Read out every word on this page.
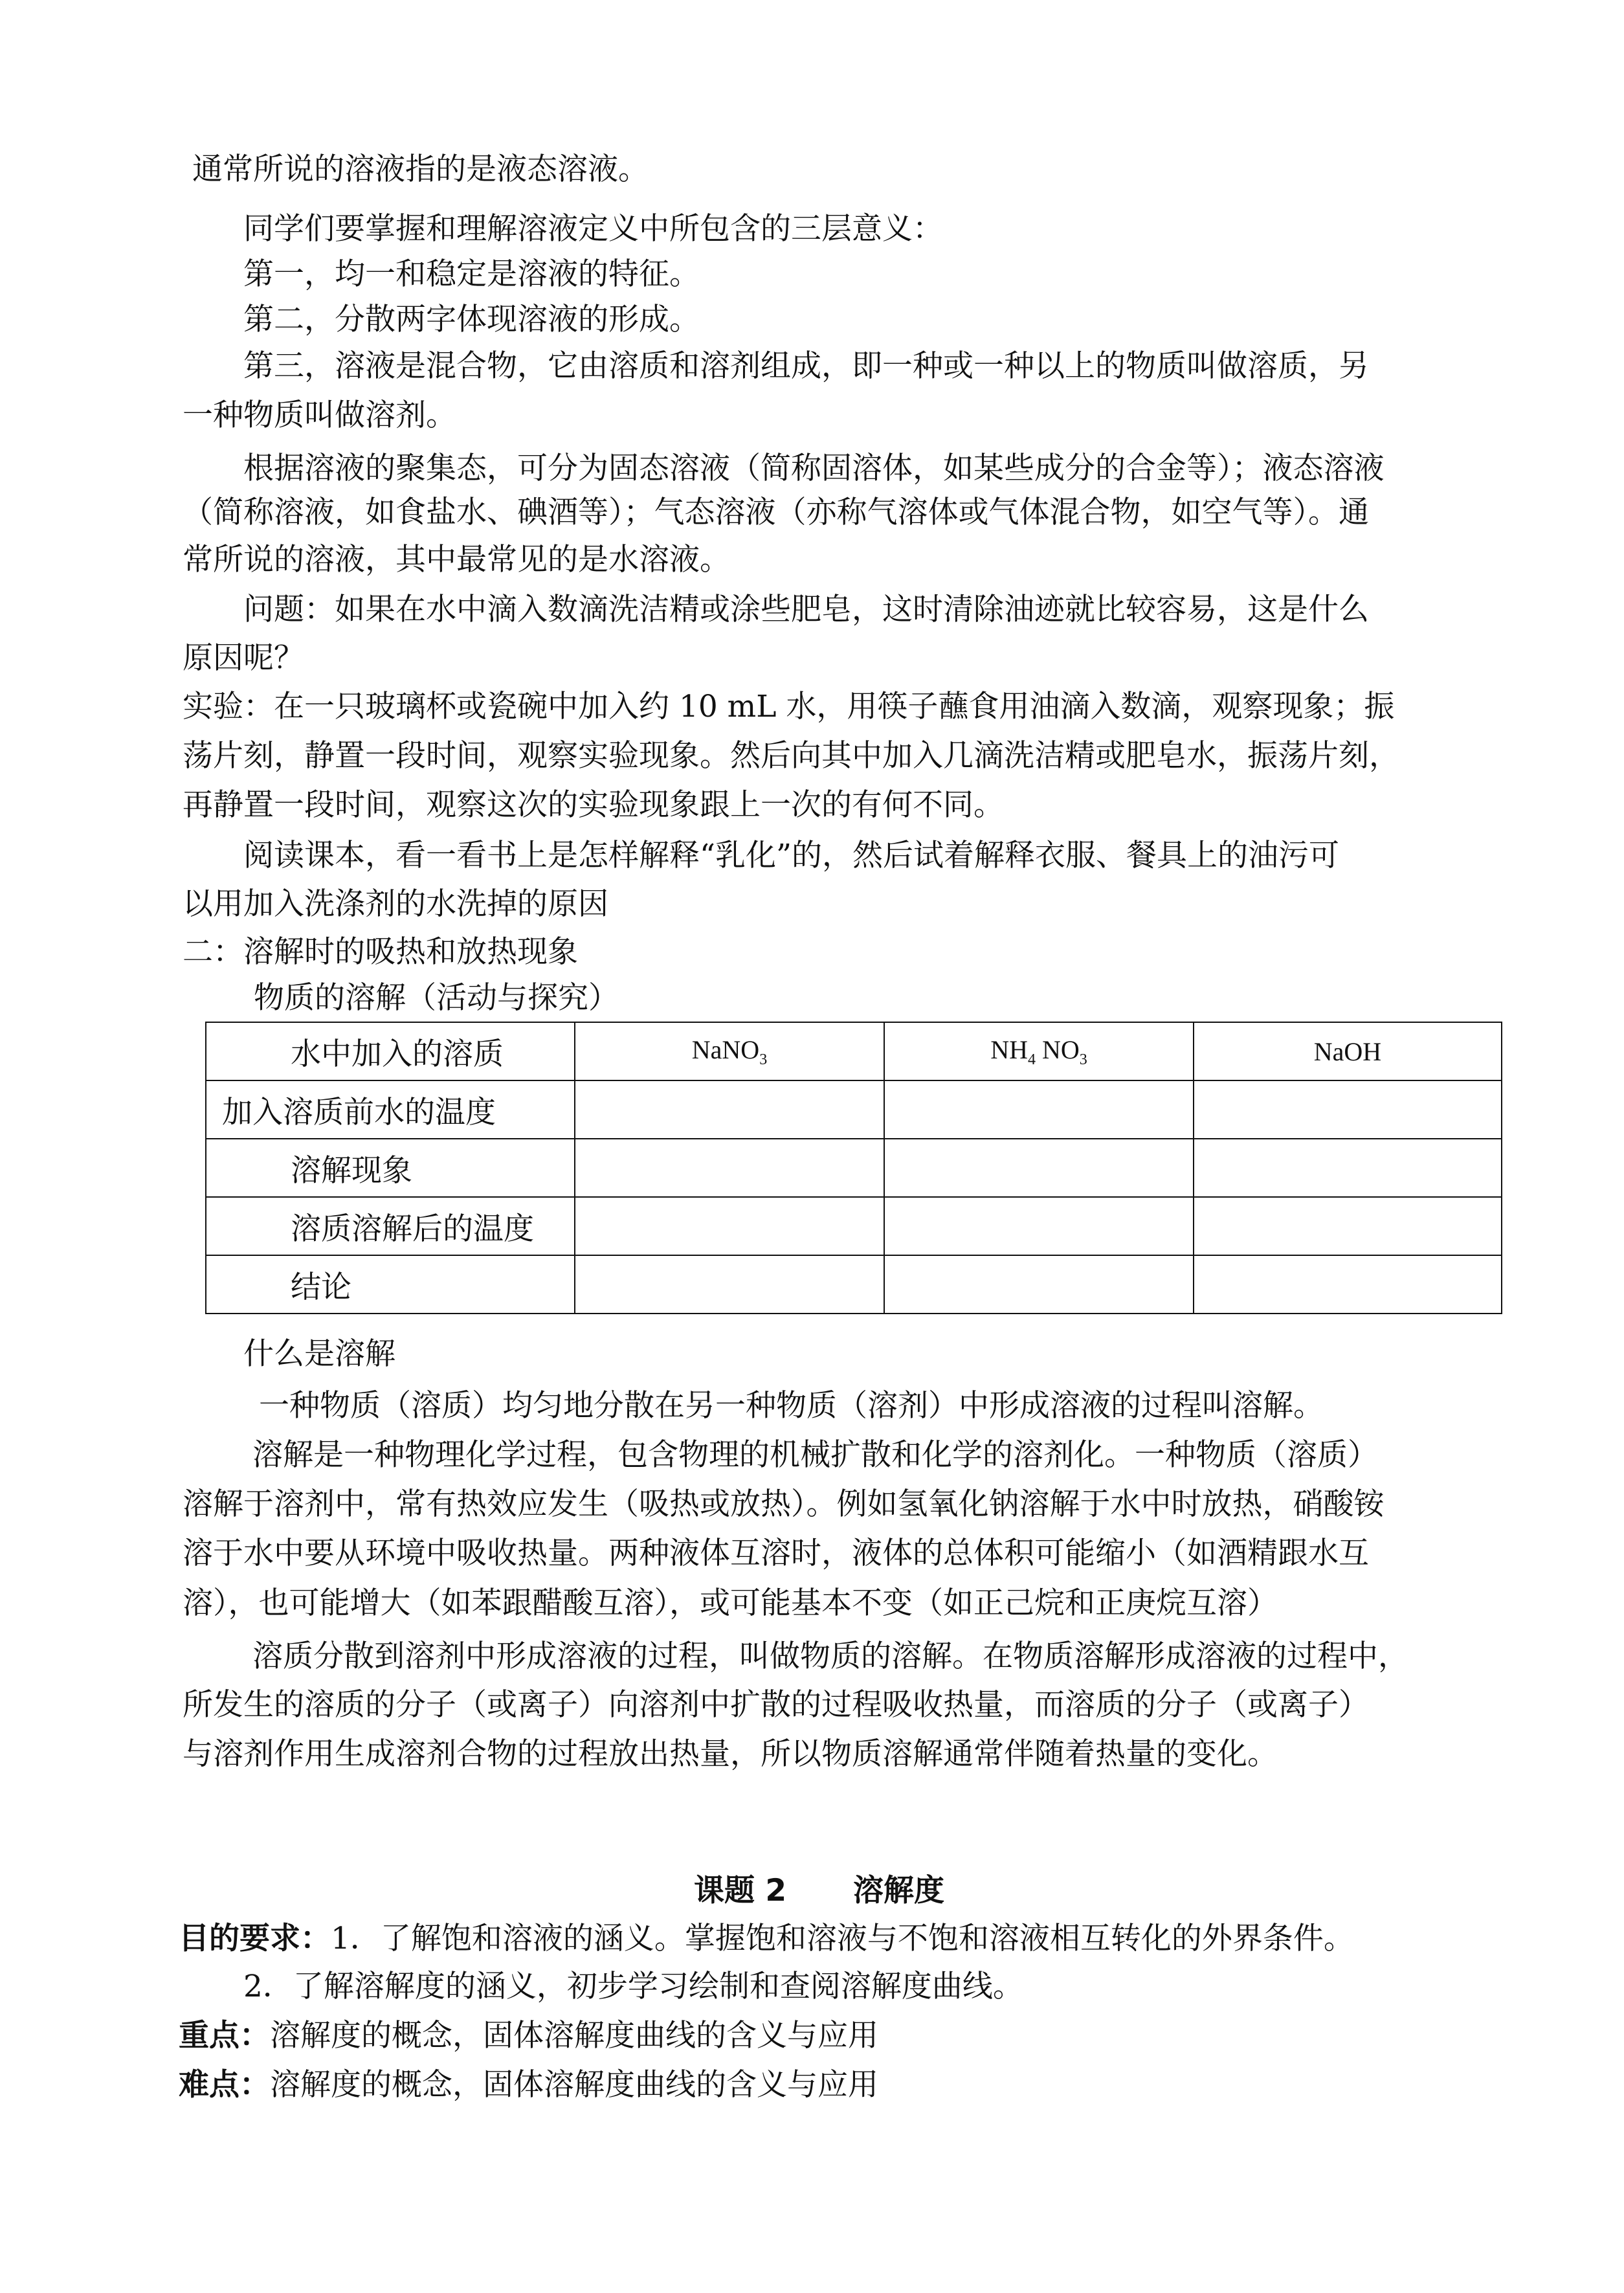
通常所说的溶液指的是液态溶液。
同学们要掌握和理解溶液定义中所包含的三层意义：
第一，均一和稳定是溶液的特征。
第二，分散两字体现溶液的形成。
第三，溶液是混合物，它由溶质和溶剂组成，即一种或一种以上的物质叫做溶质，另
一种物质叫做溶剂。
根据溶液的聚集态，可分为固态溶液（简称固溶体，如某些成分的合金等）；液态溶液
（简称溶液，如食盐水、碘酒等）；气态溶液（亦称气溶体或气体混合物，如空气等）。通
常所说的溶液，其中最常见的是水溶液。
问题：如果在水中滴入数滴洗洁精或涂些肥皂，这时清除油迹就比较容易，这是什么
原因呢？
实验：在一只玻璃杯或瓷碗中加入约 10 mL 水，用筷子蘸食用油滴入数滴，观察现象；振
荡片刻，静置一段时间，观察实验现象。然后向其中加入几滴洗洁精或肥皂水，振荡片刻，
再静置一段时间，观察这次的实验现象跟上一次的有何不同。
阅读课本，看一看书上是怎样解释“乳化”的，然后试着解释衣服、餐具上的油污可
以用加入洗涤剂的水洗掉的原因
二：溶解时的吸热和放热现象
物质的溶解（活动与探究）
水中加入的溶质	NaNO$_3$	$NH_4$ $NO_3$	NaOH
加入溶质前水的温度			
溶解现象			
溶质溶解后的温度			
结论			
什么是溶解
一种物质（溶质）均匀地分散在另一种物质（溶剂）中形成溶液的过程叫溶解。
溶解是一种物理化学过程，包含物理的机械扩散和化学的溶剂化。一种物质（溶质）
溶解于溶剂中，常有热效应发生（吸热或放热）。例如氢氧化钠溶解于水中时放热，硝酸铵
溶于水中要从环境中吸收热量。两种液体互溶时，液体的总体积可能缩小（如酒精跟水互
溶），也可能增大（如苯跟醋酸互溶），或可能基本不变（如正己烷和正庚烷互溶）
溶质分散到溶剂中形成溶液的过程，叫做物质的溶解。在物质溶解形成溶液的过程中，
所发生的溶质的分子（或离子）向溶剂中扩散的过程吸收热量，而溶质的分子（或离子）
与溶剂作用生成溶剂合物的过程放出热量，所以物质溶解通常伴随着热量的变化。
课题 2 溶解度
目的要求：1．了解饱和溶液的涵义。掌握饱和溶液与不饱和溶液相互转化的外界条件。
2．了解溶解度的涵义，初步学习绘制和查阅溶解度曲线。
重点：溶解度的概念，固体溶解度曲线的含义与应用
难点：溶解度的概念，固体溶解度曲线的含义与应用
